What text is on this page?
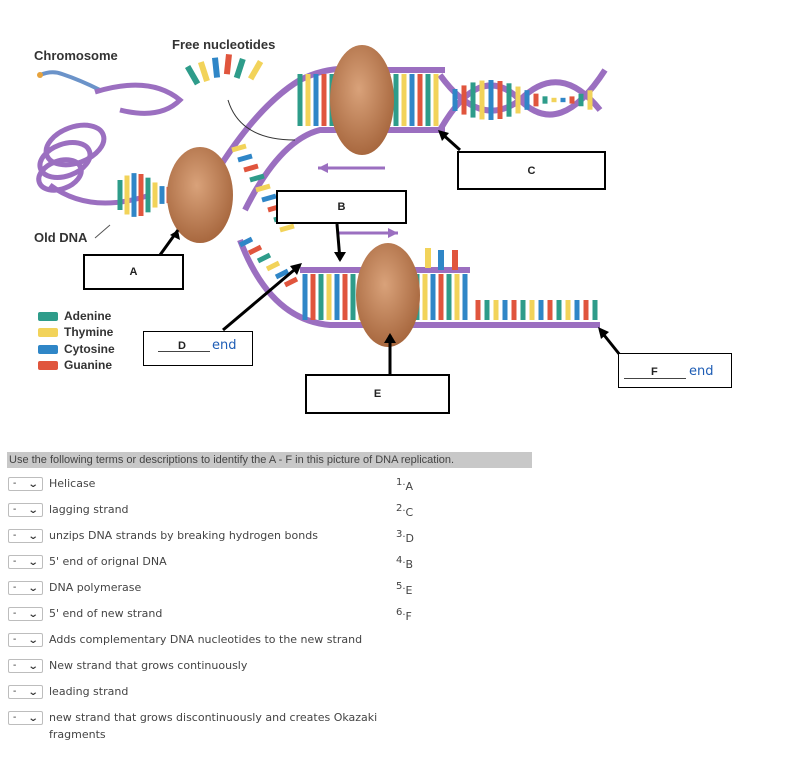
Chromosome
Free nucleotides
Old DNA
A
B
C
E
D end
F end
Adenine
Thymine
Cytosine
Guanine
Use the following terms or descriptions to identify the A - F in this picture of DNA replication.
- ⌄ Helicase
- ⌄ lagging strand
- ⌄ unzips DNA strands by breaking hydrogen bonds
- ⌄ 5' end of orignal DNA
- ⌄ DNA polymerase
- ⌄ 5' end of new strand
- ⌄ Adds complementary DNA nucleotides to the new strand
- ⌄ New strand that grows continuously
- ⌄ leading strand
- ⌄ new strand that grows discontinuously and creates Okazaki fragments
1.A
2.C
3.D
4.B
5.E
6.F
